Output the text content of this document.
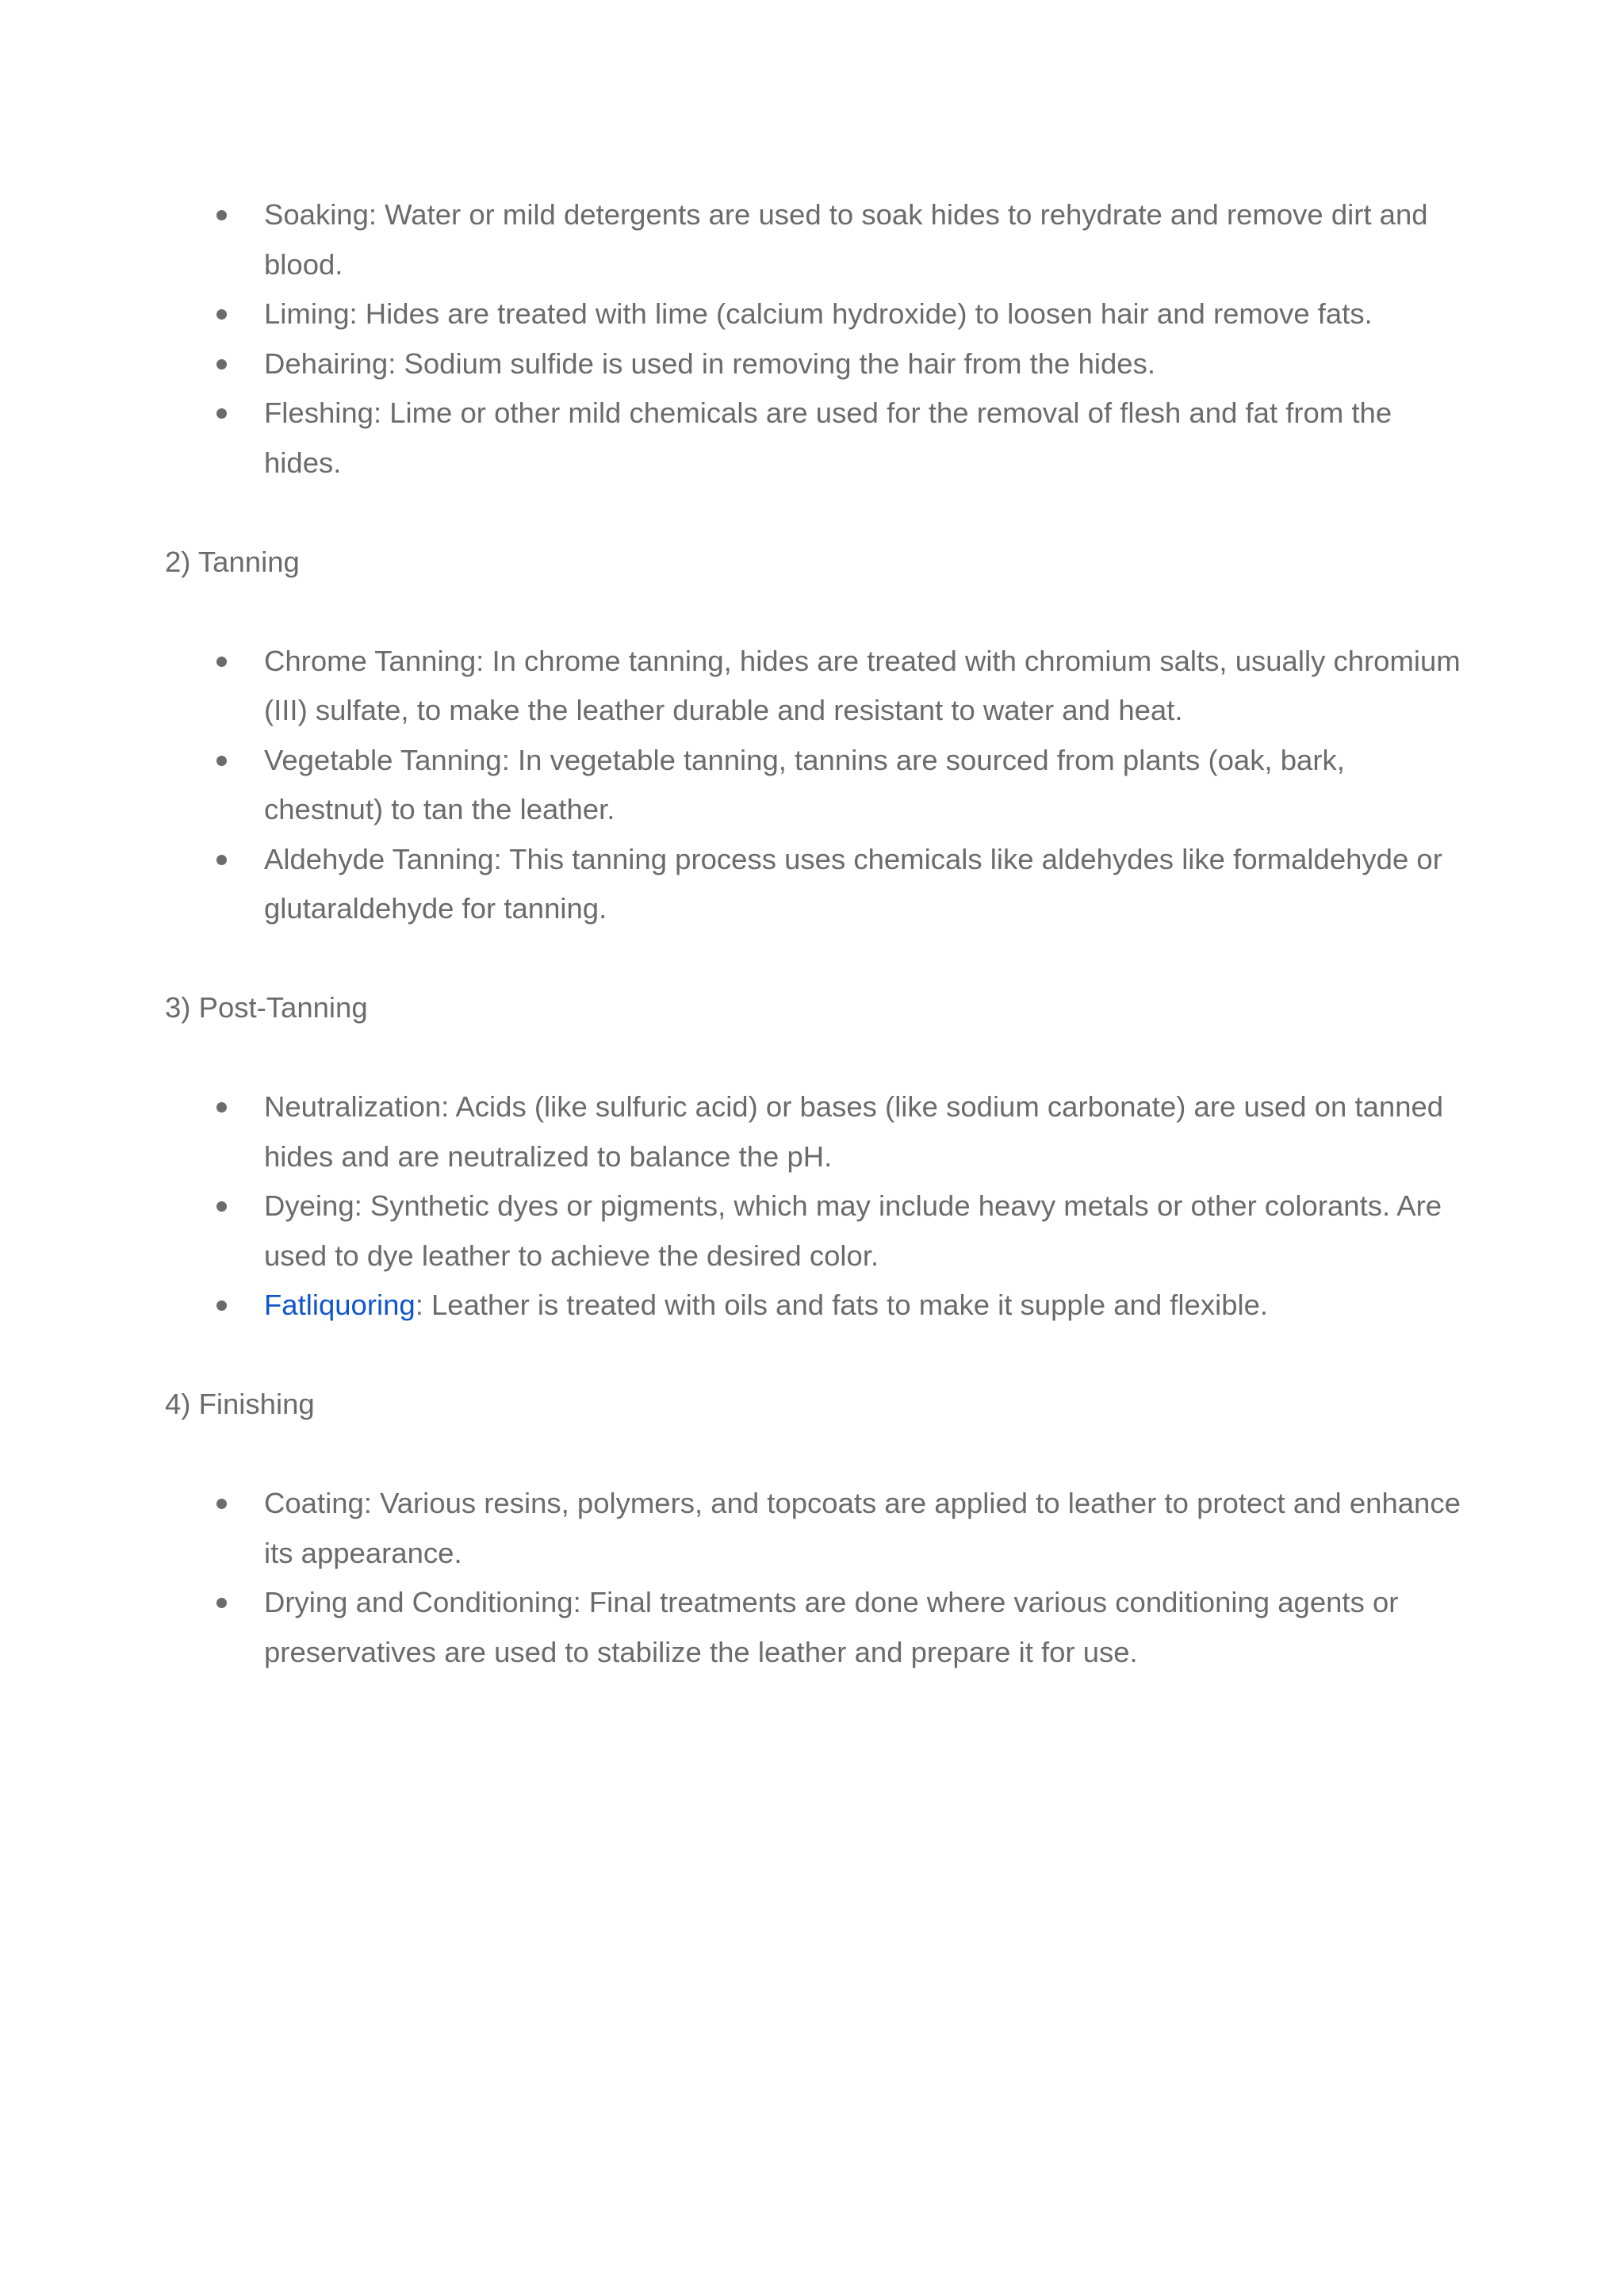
Soaking: Water or mild detergents are used to soak hides to rehydrate and remove dirt and blood.
Liming: Hides are treated with lime (calcium hydroxide) to loosen hair and remove fats.
Dehairing: Sodium sulfide is used in removing the hair from the hides.
Fleshing: Lime or other mild chemicals are used for the removal of flesh and fat from the hides.

2) Tanning

Chrome Tanning: In chrome tanning, hides are treated with chromium salts, usually chromium (III) sulfate, to make the leather durable and resistant to water and heat.
Vegetable Tanning: In vegetable tanning, tannins are sourced from plants (oak, bark, chestnut) to tan the leather.
Aldehyde Tanning: This tanning process uses chemicals like aldehydes like formaldehyde or glutaraldehyde for tanning.

3) Post-Tanning

Neutralization: Acids (like sulfuric acid) or bases (like sodium carbonate) are used on tanned hides and are neutralized to balance the pH.
Dyeing: Synthetic dyes or pigments, which may include heavy metals or other colorants. Are used to dye leather to achieve the desired color.
Fatliquoring: Leather is treated with oils and fats to make it supple and flexible.

4) Finishing

Coating: Various resins, polymers, and topcoats are applied to leather to protect and enhance its appearance.
Drying and Conditioning: Final treatments are done where various conditioning agents or preservatives are used to stabilize the leather and prepare it for use.
